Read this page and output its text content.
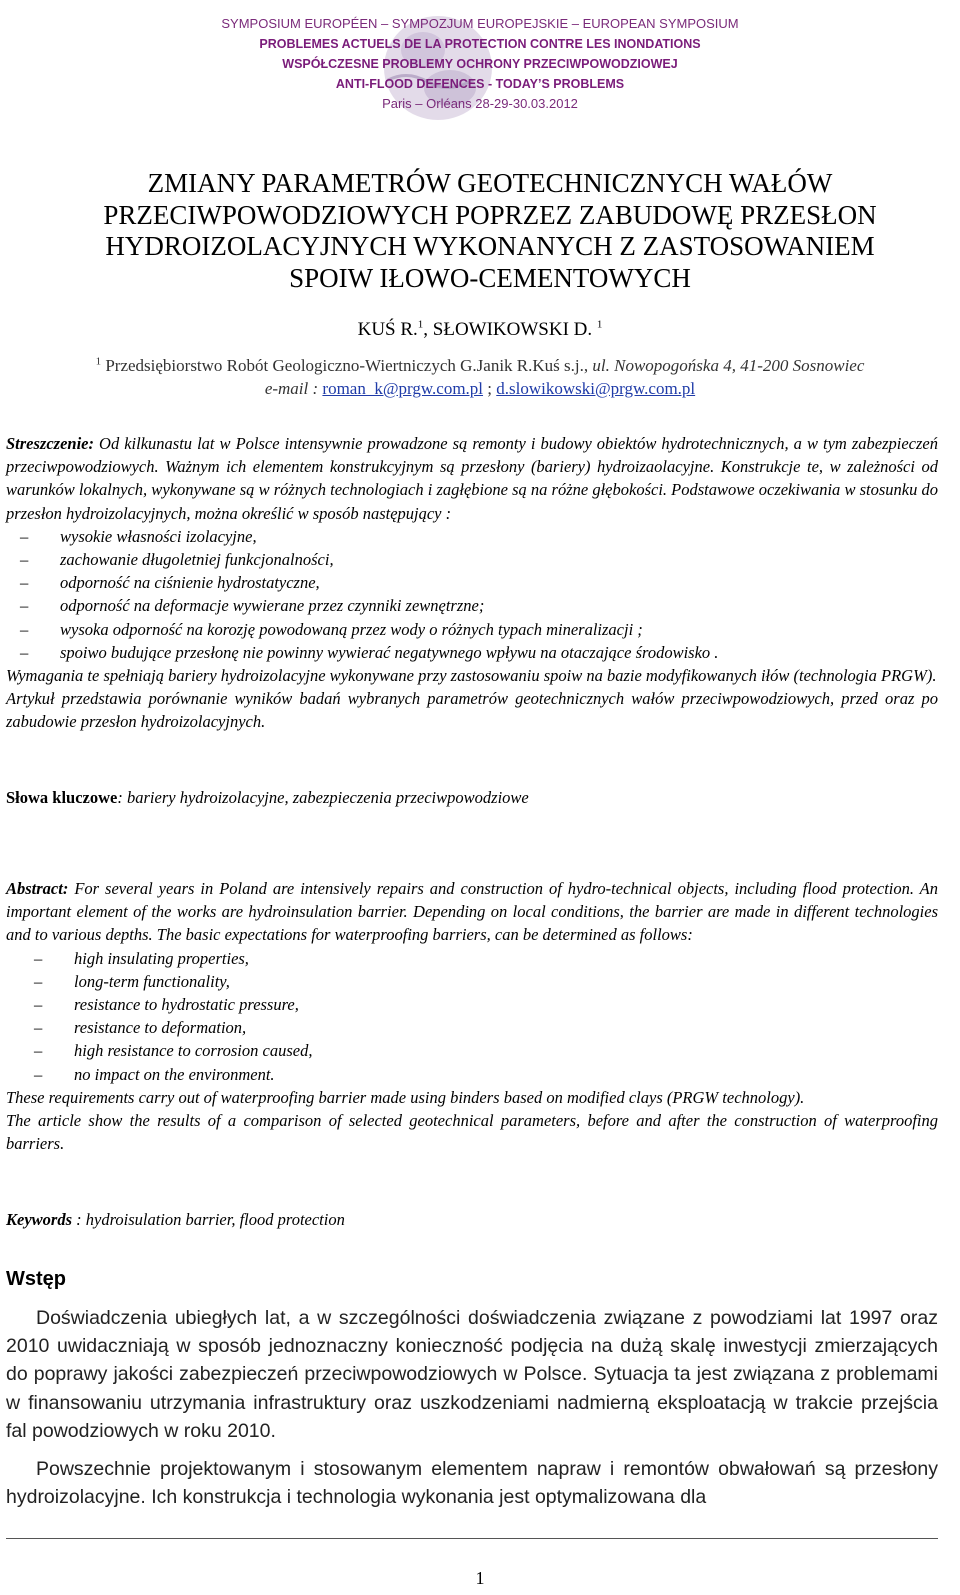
SYMPOSIUM EUROPÉEN – SYMPOZJUM EUROPEJSKIE – EUROPEAN SYMPOSIUM
PROBLEMES ACTUELS DE LA PROTECTION CONTRE LES INONDATIONS
WSPÓŁCZESNE PROBLEMY OCHRONY PRZECIWPOWODZIOWEJ
ANTI-FLOOD DEFENCES - TODAY’S PROBLEMS
Paris – Orléans 28-29-30.03.2012
ZMIANY PARAMETRÓW GEOTECHNICZNYCH WAŁÓW
PRZECIWPOWODZIOWYCH POPRZEZ ZABUDOWĘ PRZESŁON
HYDROIZOLACYJNYCH WYKONANYCH Z ZASTOSOWANIEM
SPOIW IŁOWO-CEMENTOWYCH
KUŚ R.$^1$, SŁOWIKOWSKI D. $^1$
$^1$ Przedsiębiorstwo Robót Geologiczno-Wiertniczych G.Janik R.Kuś s.j., ul. Nowopogońska 4, 41-200 Sosnowiec
e-mail : roman_k@prgw.com.pl ; d.slowikowski@prgw.com.pl
Streszczenie: Od kilkunastu lat w Polsce intensywnie prowadzone są remonty i budowy obiektów hydrotechnicznych, a w tym zabezpieczeń przeciwpowodziowych. Ważnym ich elementem konstrukcyjnym są przesłony (bariery) hydroizaolacyjne. Konstrukcje te, w zależności od warunków lokalnych, wykonywane są w różnych technologiach i zagłębione są na różne głębokości. Podstawowe oczekiwania w stosunku do przesłon hydroizolacyjnych, można określić w sposób następujący :
– wysokie własności izolacyjne,
– zachowanie długoletniej funkcjonalności,
– odporność na ciśnienie hydrostatyczne,
– odporność na deformacje wywierane przez czynniki zewnętrzne;
– wysoka odporność na korozję powodowaną przez wody o różnych typach mineralizacji ;
– spoiwo budujące przesłonę nie powinny wywierać negatywnego wpływu na otaczające środowisko .
Wymagania te spełniają bariery hydroizolacyjne wykonywane przy zastosowaniu spoiw na bazie modyfikowanych iłów (technologia PRGW).
Artykuł przedstawia porównanie wyników badań wybranych parametrów geotechnicznych wałów przeciwpowodziowych, przed oraz po zabudowie przesłon hydroizolacyjnych.
Słowa kluczowe: bariery hydroizolacyjne, zabezpieczenia przeciwpowodziowe
Abstract: For several years in Poland are intensively repairs and construction of hydro-technical objects, including flood protection. An important element of the works are hydroinsulation barrier. Depending on local conditions, the barrier are made in different technologies and to various depths. The basic expectations for waterproofing barriers, can be determined as follows:
– high insulating properties,
– long-term functionality,
– resistance to hydrostatic pressure,
– resistance to deformation,
– high resistance to corrosion caused,
– no impact on the environment.
These requirements carry out of waterproofing barrier made using binders based on modified clays (PRGW technology).
The article show the results of a comparison of selected geotechnical parameters, before and after the construction of waterproofing barriers.
Keywords : hydroisulation barrier, flood protection
Wstęp

Doświadczenia ubiegłych lat, a w szczególności doświadczenia związane z powodziami lat 1997 oraz 2010 uwidaczniają w sposób jednoznaczny konieczność podjęcia na dużą skalę inwestycji zmierzających do poprawy jakości zabezpieczeń przeciwpowodziowych w Polsce. Sytuacja ta jest związana z problemami w finansowaniu utrzymania infrastruktury oraz uszkodzeniami nadmierną eksploatacją w trakcie przejścia fal powodziowych w roku 2010.

Powszechnie projektowanym i stosowanym elementem napraw i remontów obwałowań są przesłony hydroizolacyjne. Ich konstrukcja i technologia wykonania jest optymalizowana dla

1
